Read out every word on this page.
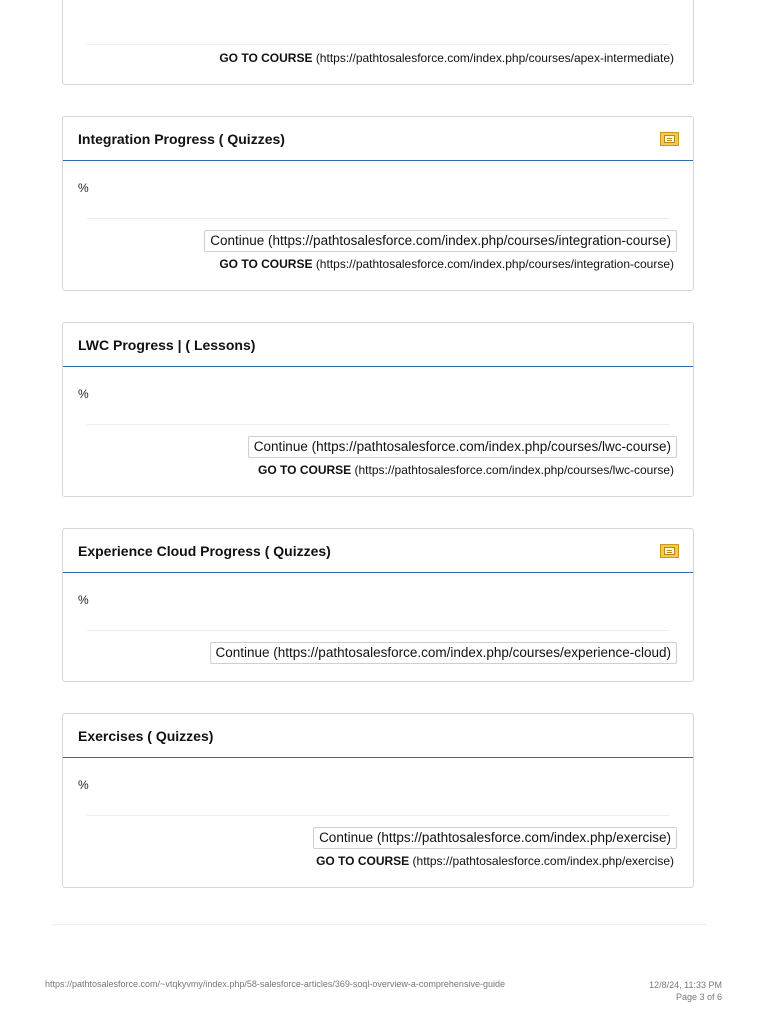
GO TO COURSE (https://pathtosalesforce.com/index.php/courses/apex-intermediate)
Integration Progress ( Quizzes)
%
Continue (https://pathtosalesforce.com/index.php/courses/integration-course)
GO TO COURSE (https://pathtosalesforce.com/index.php/courses/integration-course)
LWC Progress | ( Lessons)
%
Continue (https://pathtosalesforce.com/index.php/courses/lwc-course)
GO TO COURSE (https://pathtosalesforce.com/index.php/courses/lwc-course)
Experience Cloud Progress ( Quizzes)
%
Continue (https://pathtosalesforce.com/index.php/courses/experience-cloud)
Exercises ( Quizzes)
%
Continue (https://pathtosalesforce.com/index.php/exercise)
GO TO COURSE (https://pathtosalesforce.com/index.php/exercise)
https://pathtosalesforce.com/~vtqkyvmy/index.php/58-salesforce-articles/369-soql-overview-a-comprehensive-guide	12/8/24, 11:33 PM
Page 3 of 6
